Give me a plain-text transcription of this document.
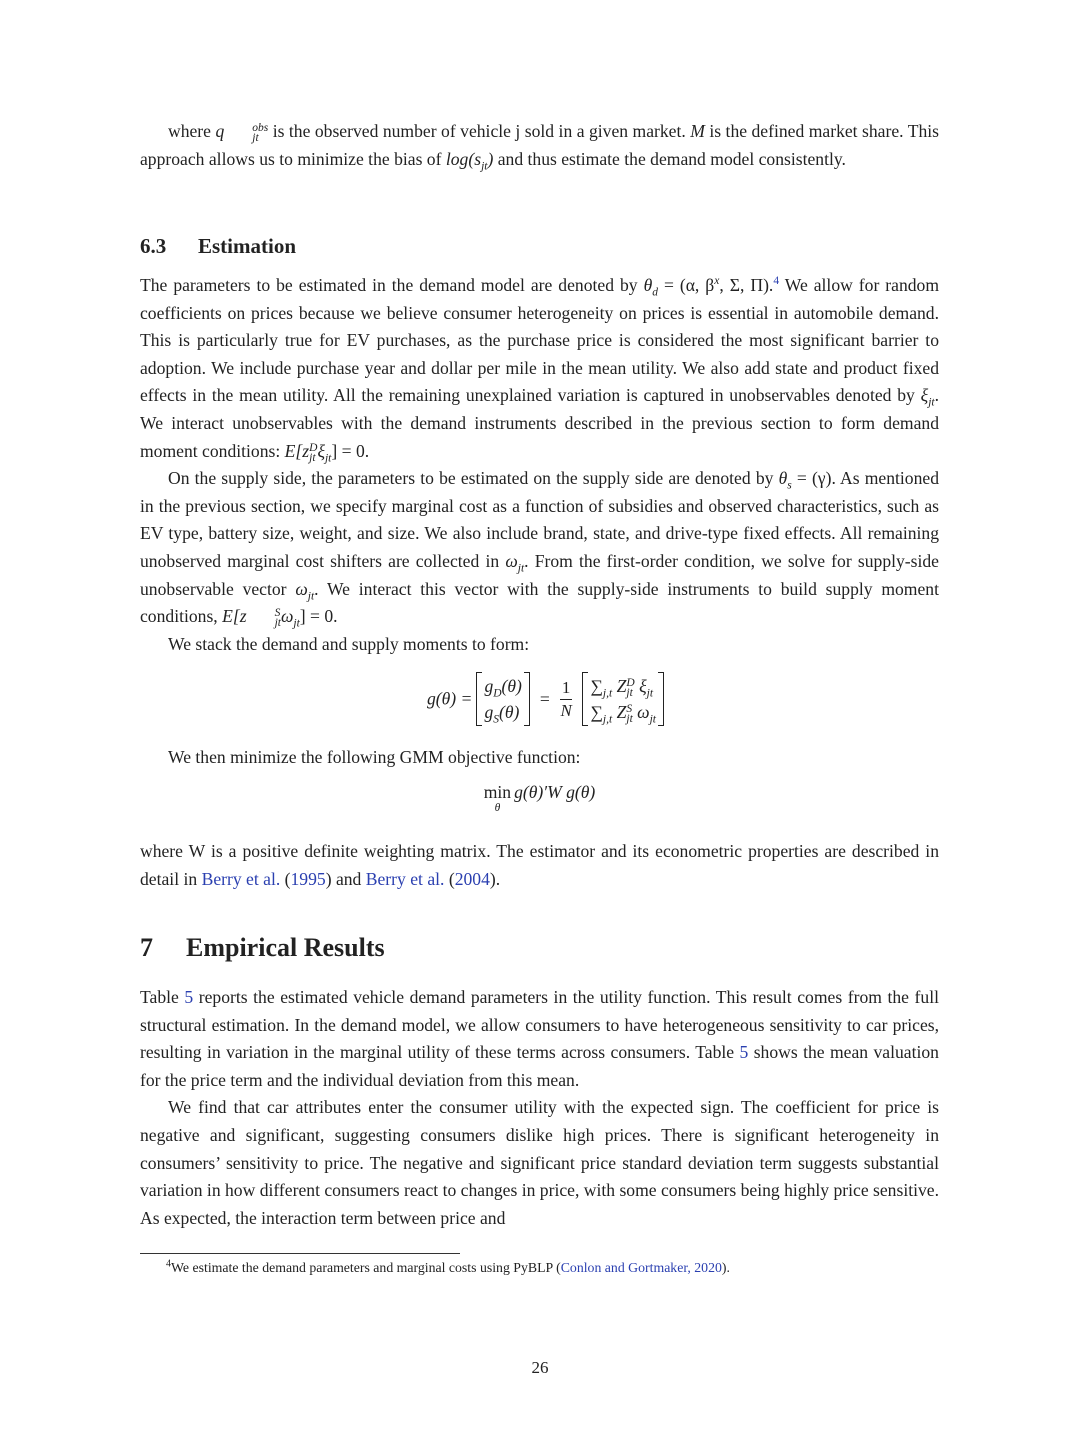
where q	obs
jt is the observed number of vehicle j sold in a given market. M is the defined market share. This approach allows us to minimize the bias of $\log(s_{jt})$ and thus estimate the demand model consistently.

6.3 Estimation

The parameters to be estimated in the demand model are denoted by $\theta_d = (\alpha$, $\beta^x$, Σ, Π).$^4$ We allow for random coefficients on prices because we believe consumer heterogeneity on prices is essential in automobile demand. This is particularly true for EV purchases, as the purchase price is considered the most significant barrier to adoption. We include purchase year and dollar per mile in the mean utility. We also add state and product fixed effects in the mean utility. All the remaining unexplained variation is captured in unobservables denoted by $\xi_{jt}$. We interact unobservables with the demand instruments described in the previous section to form demand moment conditions: E[z D
jt $\xi_{jt}] = 0$.

On the supply side, the parameters to be estimated on the supply side are denoted by $\theta_s = (\gamma)$. As mentioned in the previous section, we specify marginal cost as a function of subsidies and observed characteristics, such as EV type, battery size, weight, and size. We also include brand, state, and drive-type fixed effects. All remaining unobserved marginal cost shifters are collected in $\omega_{jt}$. From the first-order condition, we solve for supply-side unobservable vector $\omega_{jt}$. We interact this vector with the supply-side instruments to build supply moment conditions, E[z	S
jt $\omega_{jt}] = 0$.

We stack the demand and supply moments to form:

g(θ) =
$g_D(\theta)$
$g_S(\theta)$
= $\frac{1}{N}$
$\sum_{j,t}$ Z D
jt $\xi_{jt}$
$\sum_{j,t}$ Z S
jt $\omega_{jt}$

We then minimize the following GMM objective function:

min
θ
g(θ)′W g(θ)

where W is a positive definite weighting matrix. The estimator and its econometric properties are described in detail in Berry et al. (1995) and Berry et al. (2004).

7 Empirical Results

Table 5 reports the estimated vehicle demand parameters in the utility function. This result comes from the full structural estimation. In the demand model, we allow consumers to have heterogeneous sensitivity to car prices, resulting in variation in the marginal utility of these terms across consumers. Table 5 shows the mean valuation for the price term and the individual deviation from this mean.

We find that car attributes enter the consumer utility with the expected sign. The coefficient for price is negative and significant, suggesting consumers dislike high prices. There is significant heterogeneity in consumers’ sensitivity to price. The negative and significant price standard deviation term suggests substantial variation in how different consumers react to changes in price, with some consumers being highly price sensitive. As expected, the interaction term between price and

$^4$We estimate the demand parameters and marginal costs using PyBLP (Conlon and Gortmaker, 2020).
26
